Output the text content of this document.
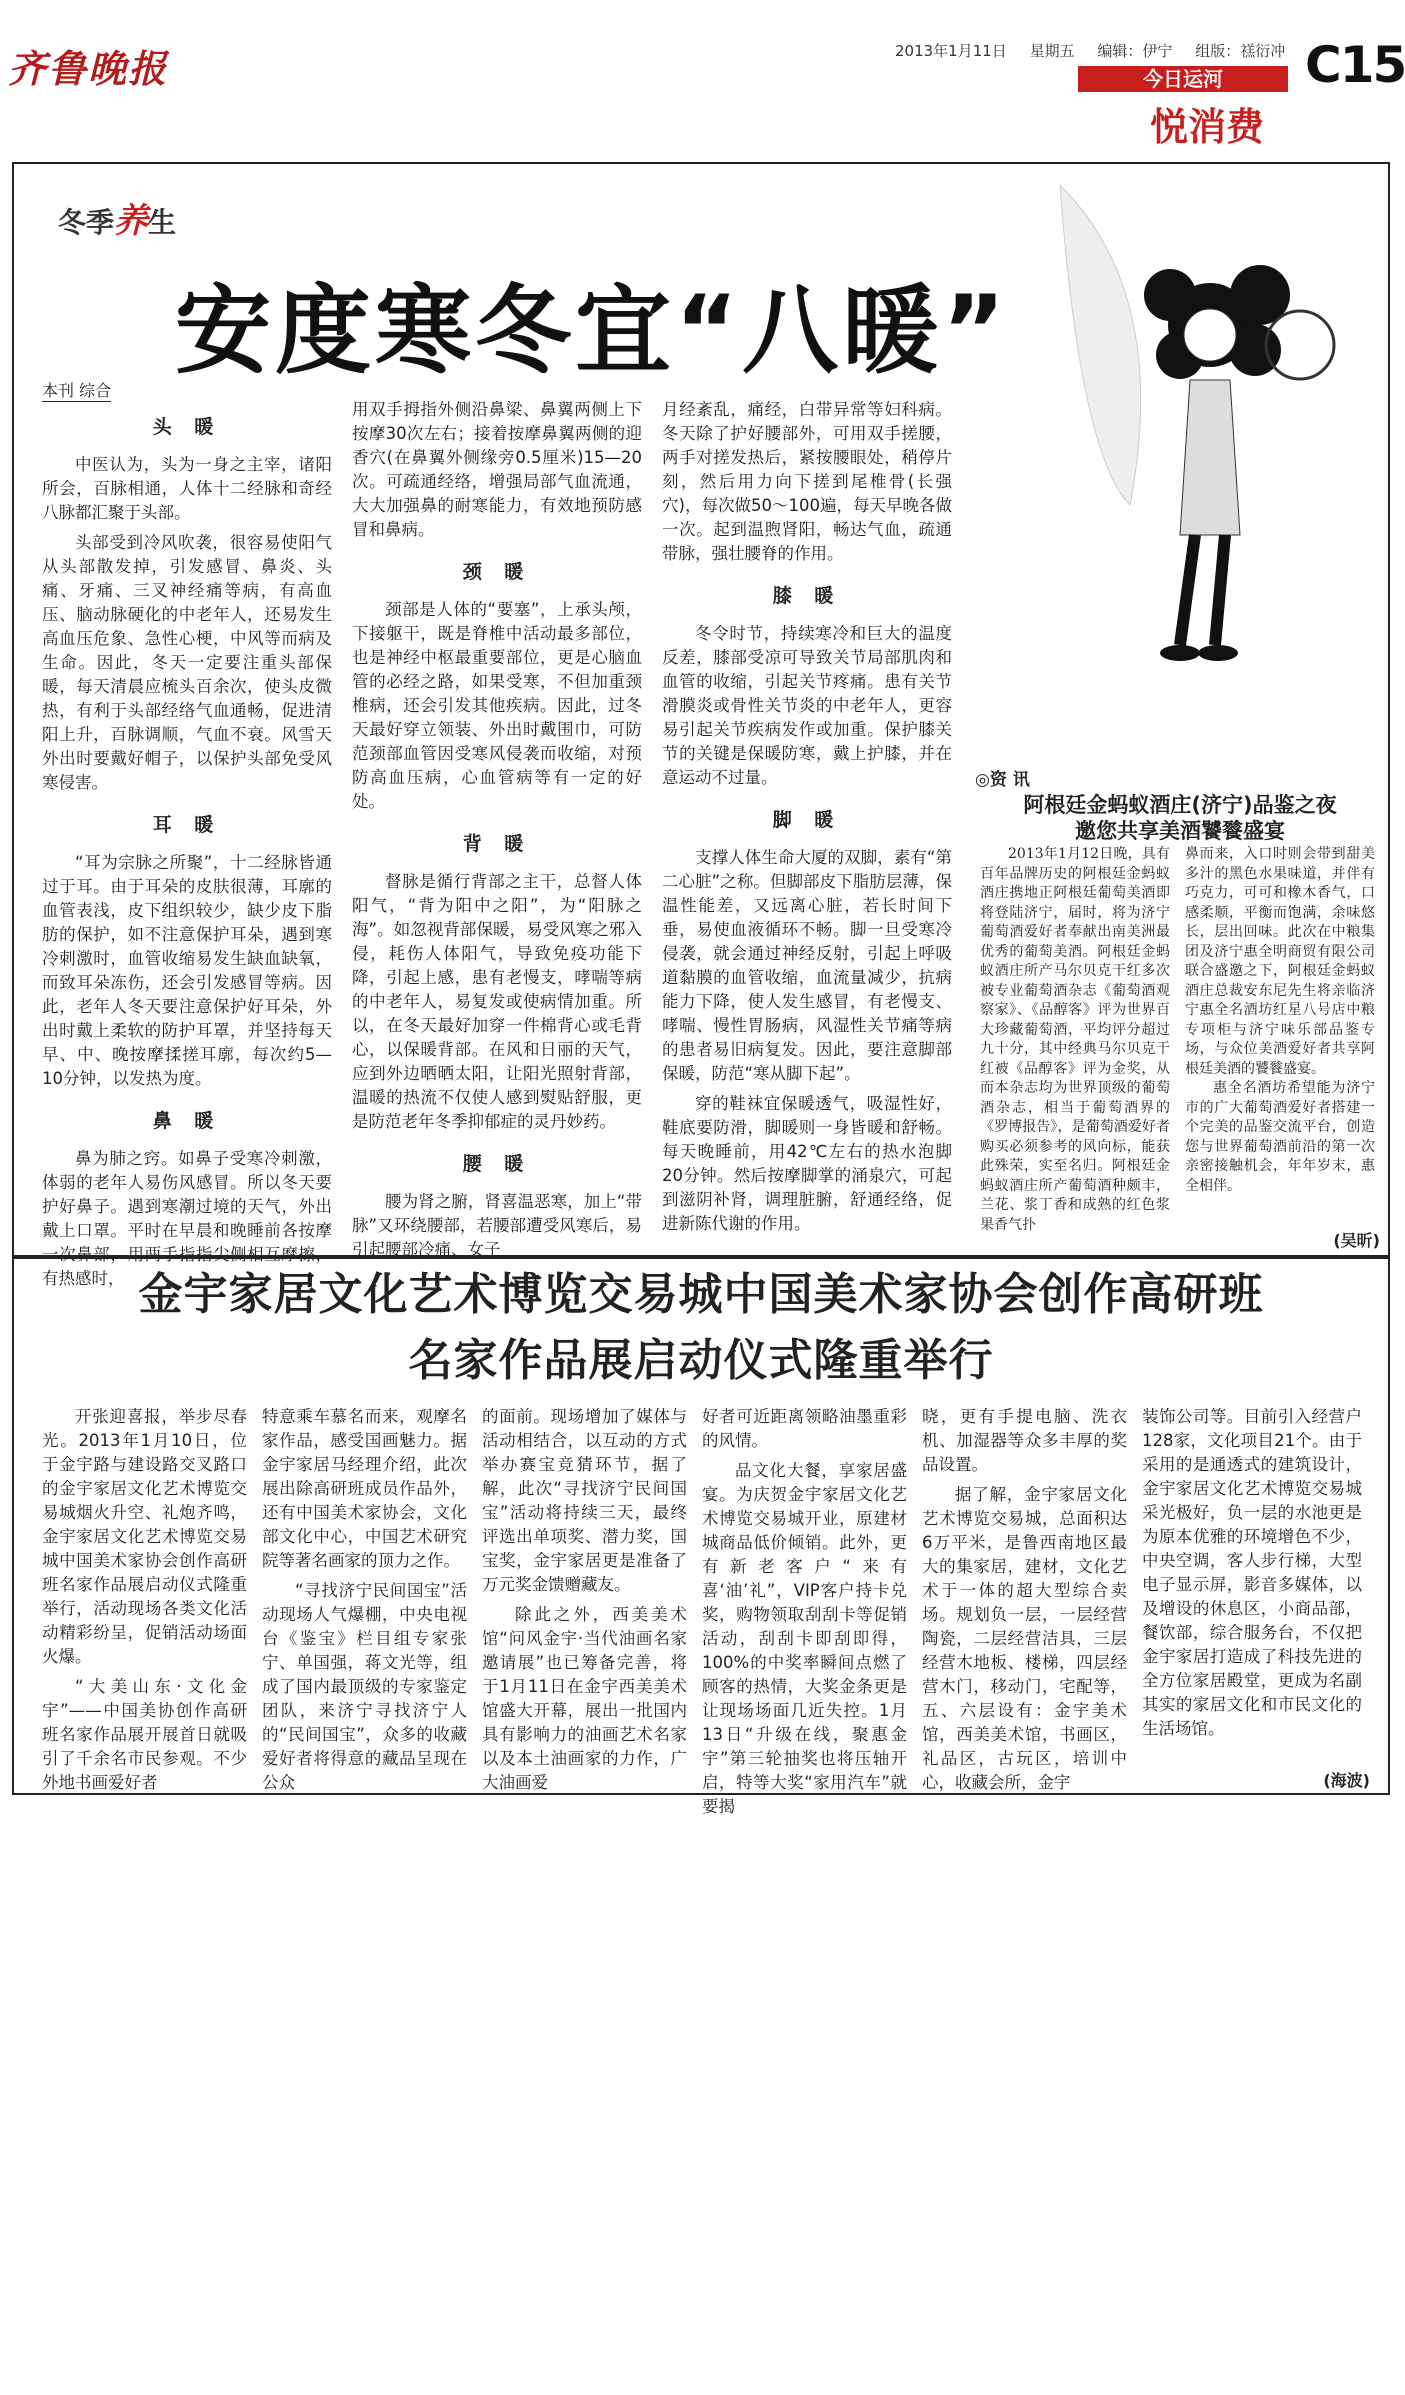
齐鲁晚报	2013年1月11日 星期五 编辑：伊宁 组版：禚衍冲 C15
今日运河
悦消费
冬季养生
安度寒冬宜“八暖”
本刊 综合
头 暖

中医认为，头为一身之主宰，诸阳所会，百脉相通，人体十二经脉和奇经八脉都汇聚于头部。

头部受到冷风吹袭，很容易使阳气从头部散发掉，引发感冒、鼻炎、头痛、牙痛、三叉神经痛等病，有高血压、脑动脉硬化的中老年人，还易发生高血压危象、急性心梗，中风等而病及生命。因此，冬天一定要注重头部保暖，每天清晨应梳头百余次，使头皮微热，有利于头部经络气血通畅，促进清阳上升，百脉调顺，气血不衰。风雪天外出时要戴好帽子，以保护头部免受风寒侵害。

耳 暖

“耳为宗脉之所聚”，十二经脉皆通过于耳。由于耳朵的皮肤很薄，耳廓的血管表浅，皮下组织较少，缺少皮下脂肪的保护，如不注意保护耳朵，遇到寒冷刺激时，血管收缩易发生缺血缺氧，而致耳朵冻伤，还会引发感冒等病。因此，老年人冬天要注意保护好耳朵，外出时戴上柔软的防护耳罩，并坚持每天早、中、晚按摩揉搓耳廓，每次约5—10分钟，以发热为度。

鼻 暖

鼻为肺之窍。如鼻子受寒冷刺激，体弱的老年人易伤风感冒。所以冬天要护好鼻子。遇到寒潮过境的天气，外出戴上口罩。平时在早晨和晚睡前各按摩一次鼻部，用两手指指尖侧相互摩擦，有热感时，

用双手拇指外侧沿鼻梁、鼻翼两侧上下按摩30次左右；接着按摩鼻翼两侧的迎香穴(在鼻翼外侧缘旁0.5厘米)15—20次。可疏通经络，增强局部气血流通，大大加强鼻的耐寒能力，有效地预防感冒和鼻病。

颈 暖

颈部是人体的“要塞”，上承头颅，下接躯干，既是脊椎中活动最多部位，也是神经中枢最重要部位，更是心脑血管的必经之路，如果受寒，不但加重颈椎病，还会引发其他疾病。因此，过冬天最好穿立领装、外出时戴围巾，可防范颈部血管因受寒风侵袭而收缩，对预防高血压病，心血管病等有一定的好处。

背 暖

督脉是循行背部之主干，总督人体阳气，“背为阳中之阳”，为“阳脉之海”。如忽视背部保暖，易受风寒之邪入侵，耗伤人体阳气，导致免疫功能下降，引起上感，患有老慢支，哮喘等病的中老年人，易复发或使病情加重。所以，在冬天最好加穿一件棉背心或毛背心，以保暖背部。在风和日丽的天气，应到外边晒晒太阳，让阳光照射背部，温暖的热流不仅使人感到熨贴舒服，更是防范老年冬季抑郁症的灵丹妙药。

腰 暖

腰为肾之腑，肾喜温恶寒，加上“带脉”又环绕腰部，若腰部遭受风寒后，易引起腰部冷痛、女子

月经紊乱，痛经，白带异常等妇科病。冬天除了护好腰部外，可用双手搓腰，两手对搓发热后，紧按腰眼处，稍停片刻，然后用力向下搓到尾椎骨(长强穴)，每次做50～100遍，每天早晚各做一次。起到温煦肾阳，畅达气血，疏通带脉，强壮腰脊的作用。

膝 暖

冬令时节，持续寒冷和巨大的温度反差，膝部受凉可导致关节局部肌肉和血管的收缩，引起关节疼痛。患有关节滑膜炎或骨性关节炎的中老年人，更容易引起关节疾病发作或加重。保护膝关节的关键是保暖防寒，戴上护膝，并在意运动不过量。

脚 暖

支撑人体生命大厦的双脚，素有“第二心脏”之称。但脚部皮下脂肪层薄，保温性能差，又远离心脏，若长时间下垂，易使血液循环不畅。脚一旦受寒冷侵袭，就会通过神经反射，引起上呼吸道黏膜的血管收缩，血流量减少，抗病能力下降，使人发生感冒，有老慢支、哮喘、慢性胃肠病，风湿性关节痛等病的患者易旧病复发。因此，要注意脚部保暖，防范“寒从脚下起”。

穿的鞋袜宜保暖透气，吸湿性好，鞋底要防滑，脚暖则一身皆暖和舒畅。每天晚睡前，用42℃左右的热水泡脚20分钟。然后按摩脚掌的涌泉穴，可起到滋阴补肾，调理脏腑，舒通经络，促进新陈代谢的作用。

◎资 讯
阿根廷金蚂蚁酒庄(济宁)品鉴之夜
邀您共享美酒饕餮盛宴

2013年1月12日晚，具有百年品牌历史的阿根廷金蚂蚁酒庄携地正阿根廷葡萄美酒即将登陆济宁，届时，将为济宁葡萄酒爱好者奉献出南美洲最优秀的葡萄美酒。阿根廷金蚂蚁酒庄所产马尔贝克干红多次被专业葡萄酒杂志《葡萄酒观察家》、《品醇客》评为世界百大珍藏葡萄酒，平均评分超过九十分，其中经典马尔贝克干红被《品醇客》评为金奖，从而本杂志均为世界顶级的葡萄酒杂志，相当于葡萄酒界的《罗博报告》，是葡萄酒爱好者购买必须参考的风向标，能获此殊荣，实至名归。阿根廷金蚂蚁酒庄所产葡萄酒种颇丰，兰花、浆丁香和成熟的红色浆果香气扑

鼻而来，入口时则会带到甜美多汁的黑色水果味道，并伴有巧克力，可可和橡木香气，口感柔顺，平衡而饱满，余味悠长，层出回味。此次在中粮集团及济宁惠全明商贸有限公司联合盛邀之下，阿根廷金蚂蚁酒庄总裁安东尼先生将亲临济宁惠全名酒坊红星八号店中粮专项柜与济宁味乐部品鉴专场，与众位美酒爱好者共享阿根廷美酒的饕餮盛宴。

惠全名酒坊希望能为济宁市的广大葡萄酒爱好者搭建一个完美的品鉴交流平台，创造您与世界葡萄酒前沿的第一次亲密接触机会，年年岁末，惠全相伴。

(吴昕)
金宇家居文化艺术博览交易城中国美术家协会创作高研班
名家作品展启动仪式隆重举行

开张迎喜报，举步尽春光。2013年1月10日，位于金宇路与建设路交叉路口的金宇家居文化艺术博览交易城烟火升空、礼炮齐鸣，金宇家居文化艺术博览交易城中国美术家协会创作高研班名家作品展启动仪式隆重举行，活动现场各类文化活动精彩纷呈，促销活动场面火爆。

“大美山东·文化金宇”——中国美协创作高研班名家作品展开展首日就吸引了千余名市民参观。不少外地书画爱好者

特意乘车慕名而来，观摩名家作品，感受国画魅力。据金宇家居马经理介绍，此次展出除高研班成员作品外，还有中国美术家协会，文化部文化中心，中国艺术研究院等著名画家的顶力之作。

“寻找济宁民间国宝”活动现场人气爆棚，中央电视台《鉴宝》栏目组专家张宁、单国强，蒋文光等，组成了国内最顶级的专家鉴定团队，来济宁寻找济宁人的“民间国宝”，众多的收藏爱好者将得意的藏品呈现在公众

的面前。现场增加了媒体与活动相结合，以互动的方式举办赛宝竞猜环节，据了解，此次“寻找济宁民间国宝”活动将持续三天，最终评选出单项奖、潜力奖，国宝奖，金宇家居更是准备了万元奖金馈赠藏友。

除此之外，西美美术馆“问风金宇·当代油画名家邀请展”也已筹备完善，将于1月11日在金宇西美美术馆盛大开幕，展出一批国内具有影响力的油画艺术名家以及本土油画家的力作，广大油画爱

好者可近距离领略油墨重彩的风情。

品文化大餐，享家居盛宴。为庆贺金宇家居文化艺术博览交易城开业，原建材城商品低价倾销。此外，更有新老客户“来有喜‘油’礼”，VIP客户持卡兑奖，购物领取刮刮卡等促销活动，刮刮卡即刮即得，100%的中奖率瞬间点燃了顾客的热情，大奖金条更是让现场场面几近失控。1月13日“升级在线，聚惠金宇”第三轮抽奖也将压轴开启，特等大奖“家用汽车”就要揭

晓，更有手提电脑、洗衣机、加湿器等众多丰厚的奖品设置。

据了解，金宇家居文化艺术博览交易城，总面积达6万平米，是鲁西南地区最大的集家居，建材，文化艺术于一体的超大型综合卖场。规划负一层，一层经营陶瓷，二层经营洁具，三层经营木地板、楼梯，四层经营木门，移动门，宅配等，五、六层设有：金宇美术馆，西美美术馆，书画区，礼品区，古玩区，培训中心，收藏会所，金宇

装饰公司等。目前引入经营户128家，文化项目21个。由于采用的是通透式的建筑设计，金宇家居文化艺术博览交易城采光极好，负一层的水池更是为原本优雅的环境增色不少，中央空调，客人步行梯，大型电子显示屏，影音多媒体，以及增设的休息区，小商品部，餐饮部，综合服务台，不仅把金宇家居打造成了科技先进的全方位家居殿堂，更成为名副其实的家居文化和市民文化的生活场馆。

(海波)
